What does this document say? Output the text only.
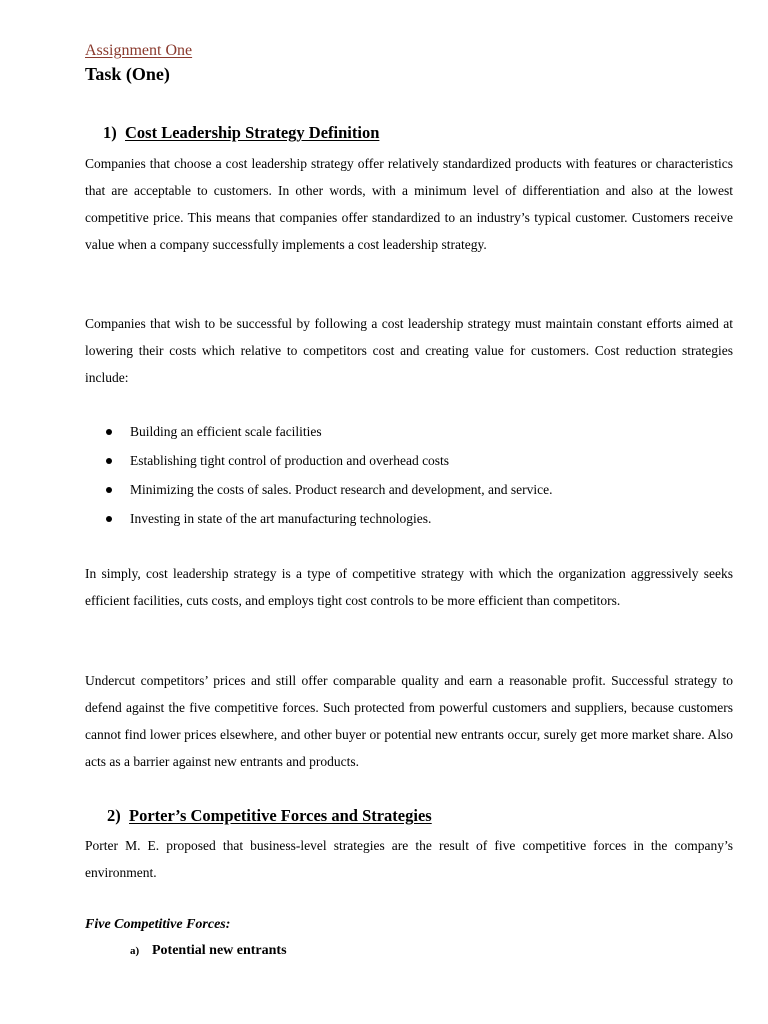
Assignment One
Task (One)
1) Cost Leadership Strategy Definition

Companies that choose a cost leadership strategy offer relatively standardized products with features or characteristics that are acceptable to customers. In other words, with a minimum level of differentiation and also at the lowest competitive price. This means that companies offer standardized to an industry’s typical customer. Customers receive value when a company successfully implements a cost leadership strategy.

Companies that wish to be successful by following a cost leadership strategy must maintain constant efforts aimed at lowering their costs which relative to competitors cost and creating value for customers. Cost reduction strategies include:

Building an efficient scale facilities
Establishing tight control of production and overhead costs
Minimizing the costs of sales. Product research and development, and service.
Investing in state of the art manufacturing technologies.

In simply, cost leadership strategy is a type of competitive strategy with which the organization aggressively seeks efficient facilities, cuts costs, and employs tight cost controls to be more efficient than competitors.

Undercut competitors’ prices and still offer comparable quality and earn a reasonable profit. Successful strategy to defend against the five competitive forces. Such protected from powerful customers and suppliers, because customers cannot find lower prices elsewhere, and other buyer or potential new entrants occur, surely get more market share. Also acts as a barrier against new entrants and products.

2) Porter’s Competitive Forces and Strategies

Porter M. E. proposed that business-level strategies are the result of five competitive forces in the company’s environment.

Five Competitive Forces:
a) Potential new entrants
